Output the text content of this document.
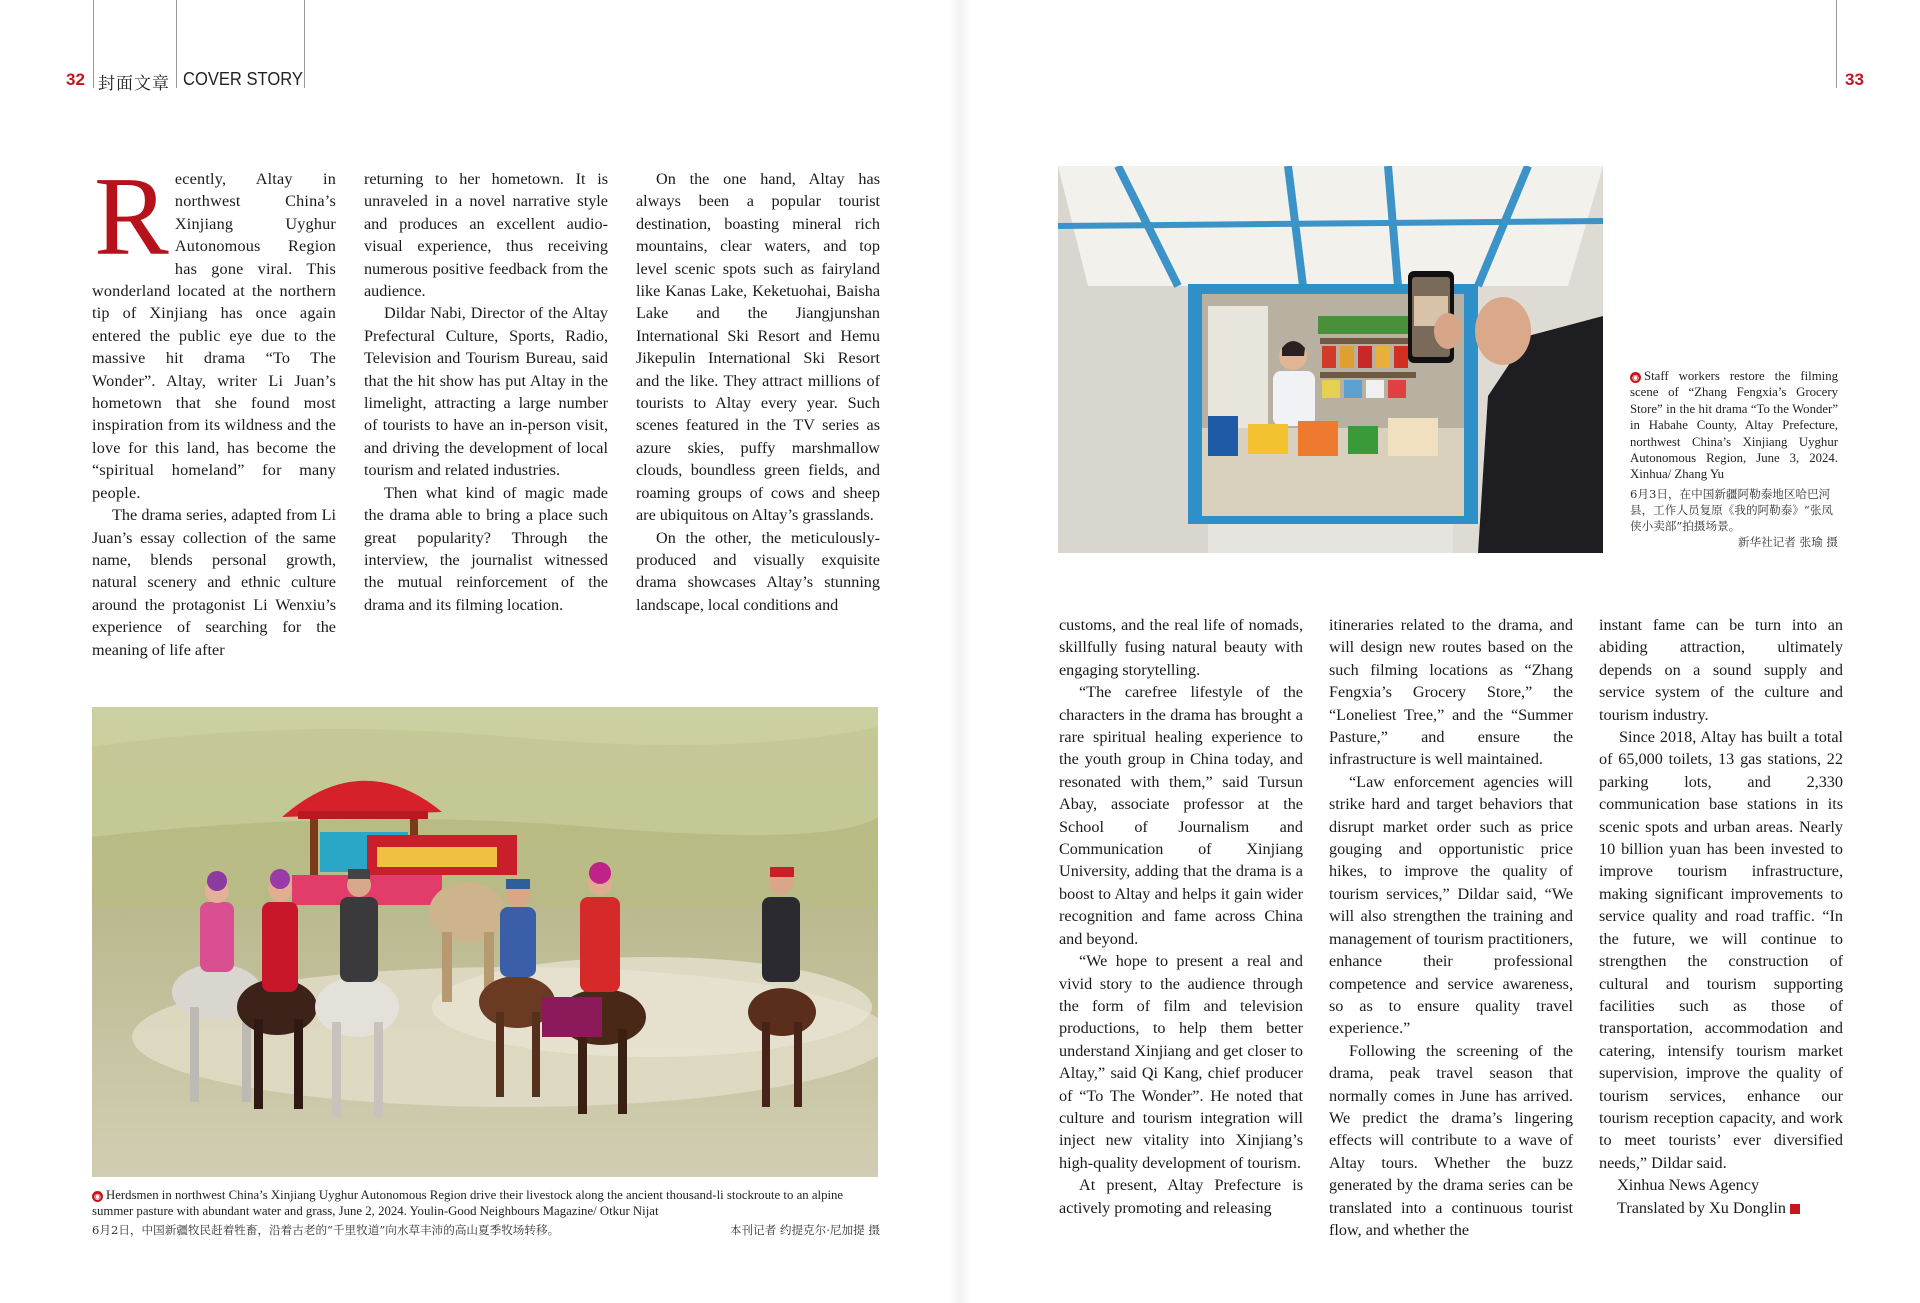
32 封面文章 COVER STORY	33

Recently, Altay in northwest China’s Xinjiang Uyghur Autonomous Region has gone viral. This wonderland located at the northern tip of Xinjiang has once again entered the public eye due to the massive hit drama “To The Wonder”. Altay, writer Li Juan’s hometown that she found most inspiration from its wildness and the love for this land, has become the “spiritual homeland” for many people.

The drama series, adapted from Li Juan’s essay collection of the same name, blends personal growth, natural scenery and ethnic culture around the protagonist Li Wenxiu’s experience of searching for the meaning of life after

returning to her hometown. It is unraveled in a novel narrative style and produces an excellent audio-visual experience, thus receiving numerous positive feedback from the audience.

Dildar Nabi, Director of the Altay Prefectural Culture, Sports, Radio, Television and Tourism Bureau, said that the hit show has put Altay in the limelight, attracting a large number of tourists to have an in-person visit, and driving the development of local tourism and related industries.

Then what kind of magic made the drama able to bring a place such great popularity? Through the interview, the journalist witnessed the mutual reinforcement of the drama and its filming location.

On the one hand, Altay has always been a popular tourist destination, boasting mineral rich mountains, clear waters, and top level scenic spots such as fairyland like Kanas Lake, Keketuohai, Baisha Lake and the Jiangjunshan International Ski Resort and Hemu Jikepulin International Ski Resort and the like. They attract millions of tourists to Altay every year. Such scenes featured in the TV series as azure skies, puffy marshmallow clouds, boundless green fields, and roaming groups of cows and sheep are ubiquitous on Altay’s grasslands.

On the other, the meticulously-produced and visually exquisite drama showcases Altay’s stunning landscape, local conditions and

◉ Herdsmen in northwest China’s Xinjiang Uyghur Autonomous Region drive their livestock along the ancient thousand-li stockroute to an alpine summer pasture with abundant water and grass, June 2, 2024. Youlin-Good Neighbours Magazine/ Otkur Nijat
6月2日，中国新疆牧民赶着牲畜，沿着古老的“千里牧道”向水草丰沛的高山夏季牧场转移。	本刊记者 约提克尔·尼加提 摄
◉ Staff workers restore the filming scene of “Zhang Fengxia’s Grocery Store” in the hit drama “To the Wonder” in Habahe County, Altay Prefecture, northwest China’s Xinjiang Uyghur Autonomous Region, June 3, 2024. Xinhua/ Zhang Yu
6月3日，在中国新疆阿勒泰地区哈巴河县，工作人员复原《我的阿勒泰》“张凤侠小卖部”拍摄场景。
新华社记者 张瑜 摄

customs, and the real life of nomads, skillfully fusing natural beauty with engaging storytelling.

“The carefree lifestyle of the characters in the drama has brought a rare spiritual healing experience to the youth group in China today, and resonated with them,” said Tursun Abay, associate professor at the School of Journalism and Communication of Xinjiang University, adding that the drama is a boost to Altay and helps it gain wider recognition and fame across China and beyond.

“We hope to present a real and vivid story to the audience through the form of film and television productions, to help them better understand Xinjiang and get closer to Altay,” said Qi Kang, chief producer of “To The Wonder”. He noted that culture and tourism integration will inject new vitality into Xinjiang’s high-quality development of tourism.

At present, Altay Prefecture is actively promoting and releasing

itineraries related to the drama, and will design new routes based on the such filming locations as “Zhang Fengxia’s Grocery Store,” the “Loneliest Tree,” and the “Summer Pasture,” and ensure the infrastructure is well maintained.

“Law enforcement agencies will strike hard and target behaviors that disrupt market order such as price gouging and opportunistic price hikes, to improve the quality of tourism services,” Dildar said, “We will also strengthen the training and management of tourism practitioners, enhance their professional competence and service awareness, so as to ensure quality travel experience.”

Following the screening of the drama, peak travel season that normally comes in June has arrived. We predict the drama’s lingering effects will contribute to a wave of Altay tours. Whether the buzz generated by the drama series can be translated into a continuous tourist flow, and whether the

instant fame can be turn into an abiding attraction, ultimately depends on a sound supply and service system of the culture and tourism industry.

Since 2018, Altay has built a total of 65,000 toilets, 13 gas stations, 22 parking lots, and 2,330 communication base stations in its scenic spots and urban areas. Nearly 10 billion yuan has been invested to improve tourism infrastructure, making significant improvements to service quality and road traffic. “In the future, we will continue to strengthen the construction of cultural and tourism supporting facilities such as those of transportation, accommodation and catering, intensify tourism market supervision, improve the quality of tourism services, enhance our tourism reception capacity, and work to meet tourists’ ever diversified needs,” Dildar said.

Xinhua News Agency

Translated by Xu Donglin
